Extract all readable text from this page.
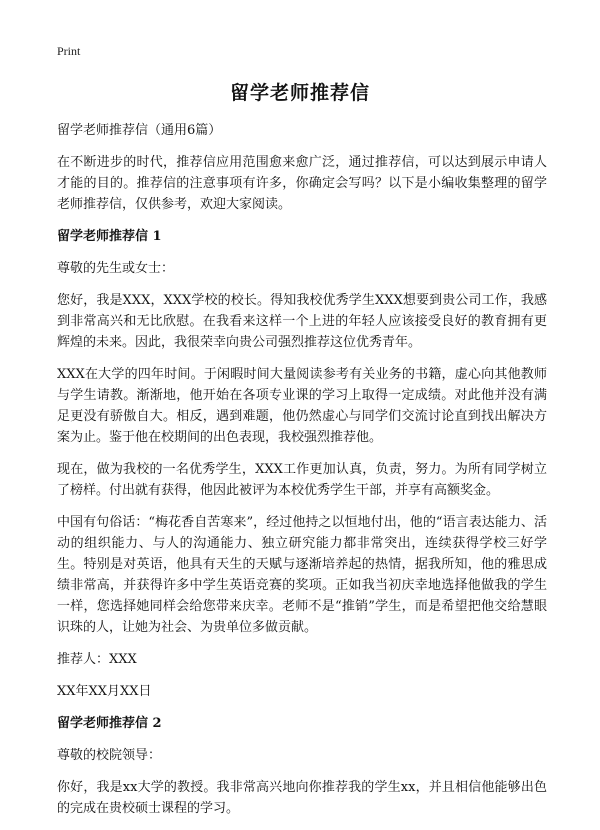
Print
留学老师推荐信

留学老师推荐信（通用6篇）

在不断进步的时代，推荐信应用范围愈来愈广泛，通过推荐信，可以达到展示申请人才能的目的。推荐信的注意事项有许多，你确定会写吗？以下是小编收集整理的留学老师推荐信，仅供参考，欢迎大家阅读。

留学老师推荐信 1

尊敬的先生或女士：

您好，我是XXX，XXX学校的校长。得知我校优秀学生XXX想要到贵公司工作，我感到非常高兴和无比欣慰。在我看来这样一个上进的年轻人应该接受良好的教育拥有更辉煌的未来。因此，我很荣幸向贵公司强烈推荐这位优秀青年。

XXX在大学的四年时间。于闲暇时间大量阅读参考有关业务的书籍，虚心向其他教师与学生请教。渐渐地，他开始在各项专业课的学习上取得一定成绩。对此他并没有满足更没有骄傲自大。相反，遇到难题，他仍然虚心与同学们交流讨论直到找出解决方案为止。鉴于他在校期间的出色表现，我校强烈推荐他。

现在，做为我校的一名优秀学生，XXX工作更加认真，负责，努力。为所有同学树立了榜样。付出就有获得，他因此被评为本校优秀学生干部，并享有高额奖金。

中国有句俗话：“梅花香自苦寒来”，经过他持之以恒地付出，他的“语言表达能力、活动的组织能力、与人的沟通能力、独立研究能力都非常突出，连续获得学校三好学生。特别是对英语，他具有天生的天赋与逐渐培养起的热情，据我所知，他的雅思成绩非常高，并获得许多中学生英语竞赛的奖项。正如我当初庆幸地选择他做我的学生一样，您选择她同样会给您带来庆幸。老师不是“推销”学生，而是希望把他交给慧眼识珠的人，让她为社会、为贵单位多做贡献。

推荐人：XXX

XX年XX月XX日

留学老师推荐信 2

尊敬的校院领导：

你好，我是xx大学的教授。我非常高兴地向你推荐我的学生xx，并且相信他能够出色的完成在贵校硕士课程的学习。
